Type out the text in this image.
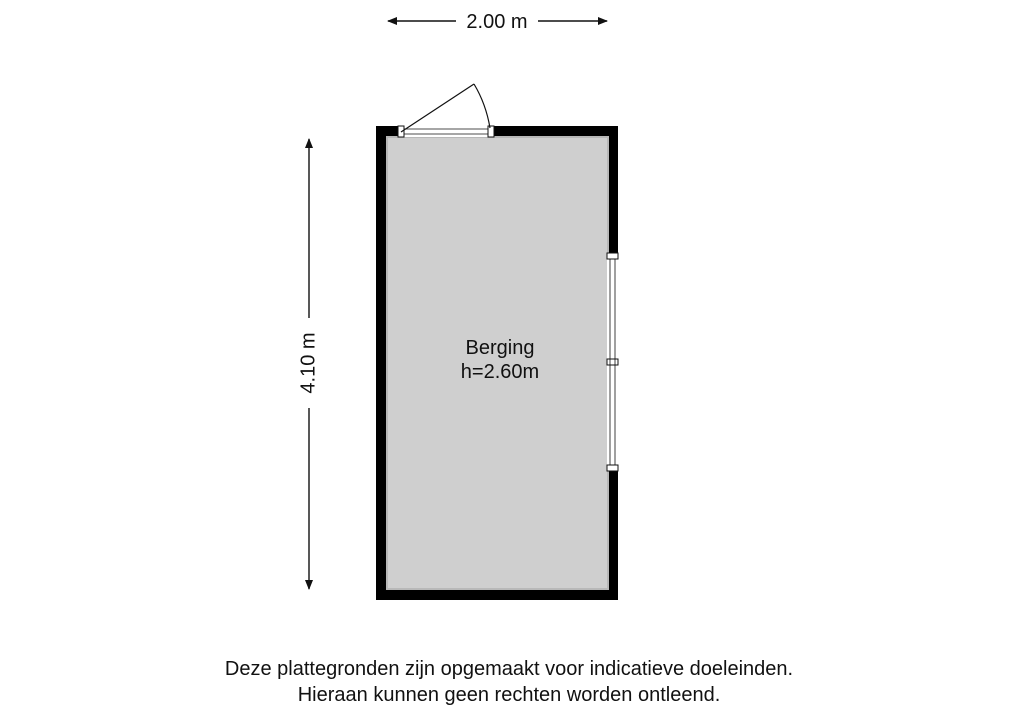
2.00 m
4.10 m	Berging
h=2.60m
Deze plattegronden zijn opgemaakt voor indicatieve doeleinden.
Hieraan kunnen geen rechten worden ontleend.
